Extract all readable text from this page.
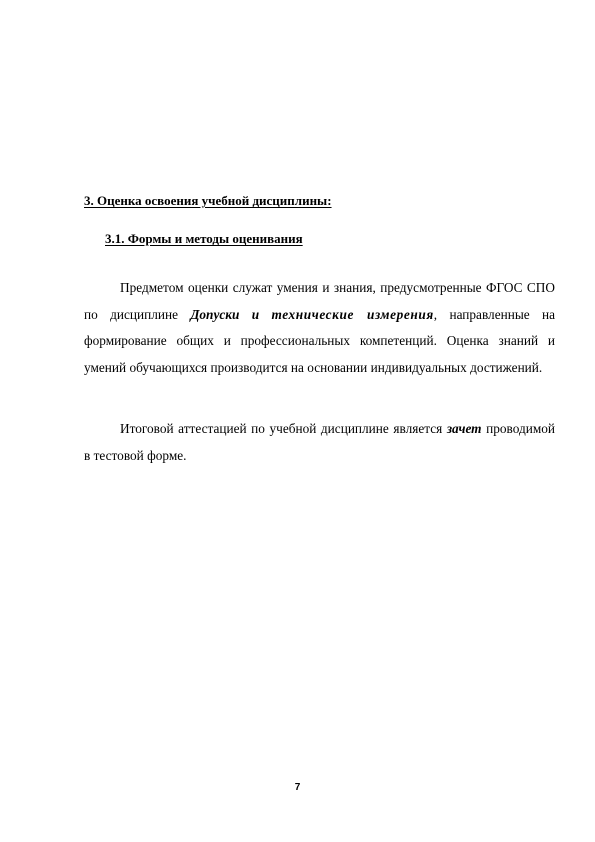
3. Оценка освоения учебной дисциплины:
3.1. Формы и методы оценивания

Предметом оценки служат умения и знания, предусмотренные ФГОС СПО по дисциплине Допуски и технические измерения, направленные на формирование общих и профессиональных компетенций. Оценка знаний и умений обучающихся производится на основании индивидуальных достижений.

Итоговой аттестацией по учебной дисциплине является зачет проводимой в тестовой форме.

7
